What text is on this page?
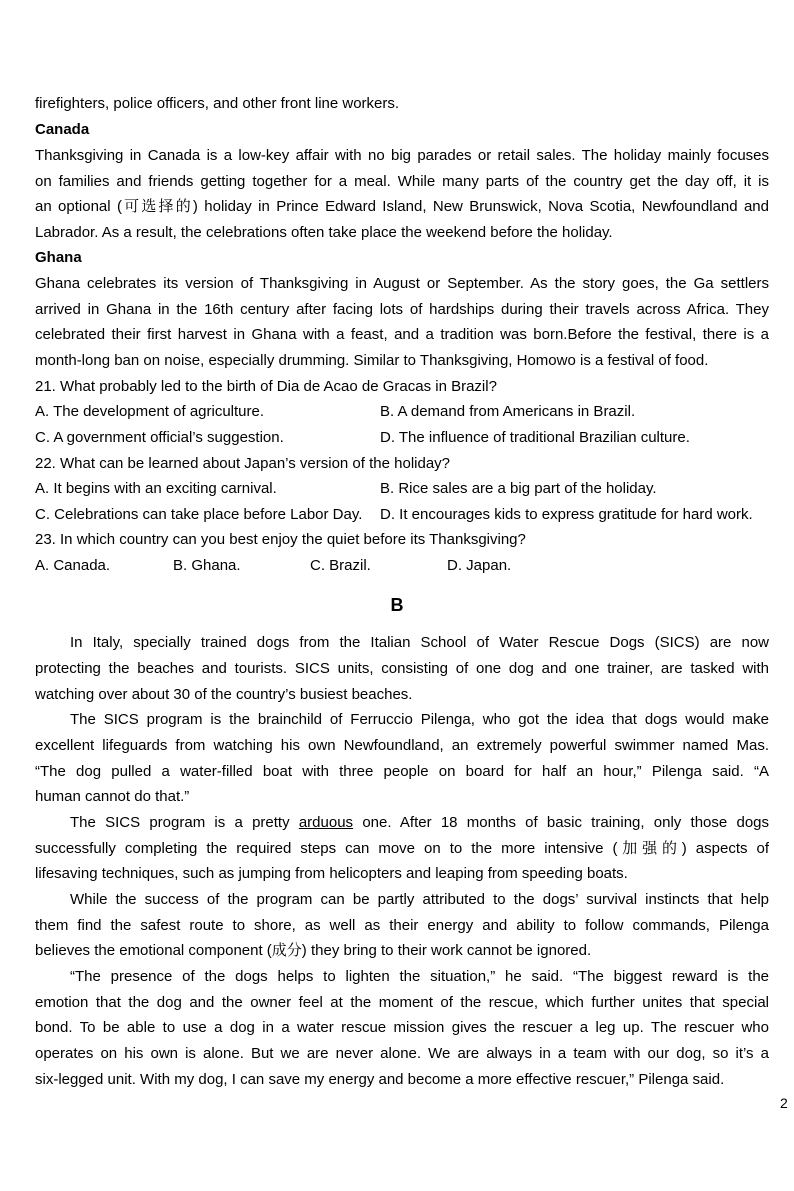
firefighters, police officers, and other front line workers.
Canada
Thanksgiving in Canada is a low-key affair with no big parades or retail sales. The holiday mainly focuses
on families and friends getting together for a meal. While many parts of the country get the day off, it is
an optional (可选择的) holiday in Prince Edward Island, New Brunswick, Nova Scotia, Newfoundland and
Labrador. As a result, the celebrations often take place the weekend before the holiday.
Ghana
Ghana celebrates its version of Thanksgiving in August or September. As the story goes, the Ga settlers
arrived in Ghana in the 16th century after facing lots of hardships during their travels across Africa. They
celebrated their first harvest in Ghana with a feast, and a tradition was born.Before the festival, there is a
month-long ban on noise, especially drumming. Similar to Thanksgiving, Homowo is a festival of food.
21. What probably led to the birth of Dia de Acao de Gracas in Brazil?
A. The development of agriculture.	B. A demand from Americans in Brazil.
C. A government official’s suggestion.	D. The influence of traditional Brazilian culture.
22. What can be learned about Japan’s version of the holiday?
A. It begins with an exciting carnival.	B. Rice sales are a big part of the holiday.
C. Celebrations can take place before Labor Day. D. It encourages kids to express gratitude for hard work.
23. In which country can you best enjoy the quiet before its Thanksgiving?
A. Canada.	B. Ghana.	C. Brazil.	D. Japan.
B
In Italy, specially trained dogs from the Italian School of Water Rescue Dogs (SICS) are now
protecting the beaches and tourists. SICS units, consisting of one dog and one trainer, are tasked with
watching over about 30 of the country’s busiest beaches.
The SICS program is the brainchild of Ferruccio Pilenga, who got the idea that dogs would make
excellent lifeguards from watching his own Newfoundland, an extremely powerful swimmer named Mas.
“The dog pulled a water-filled boat with three people on board for half an hour,” Pilenga said. “A
human cannot do that.”
The SICS program is a pretty arduous one. After 18 months of basic training, only those dogs
successfully completing the required steps can move on to the more intensive (加强的) aspects of
lifesaving techniques, such as jumping from helicopters and leaping from speeding boats.
While the success of the program can be partly attributed to the dogs’ survival instincts that help
them find the safest route to shore, as well as their energy and ability to follow commands, Pilenga
believes the emotional component (成分) they bring to their work cannot be ignored.
“The presence of the dogs helps to lighten the situation,” he said. “The biggest reward is the
emotion that the dog and the owner feel at the moment of the rescue, which further unites that special
bond. To be able to use a dog in a water rescue mission gives the rescuer a leg up. The rescuer who
operates on his own is alone. But we are never alone. We are always in a team with our dog, so it’s a
six-legged unit. With my dog, I can save my energy and become a more effective rescuer,” Pilenga said.
2
